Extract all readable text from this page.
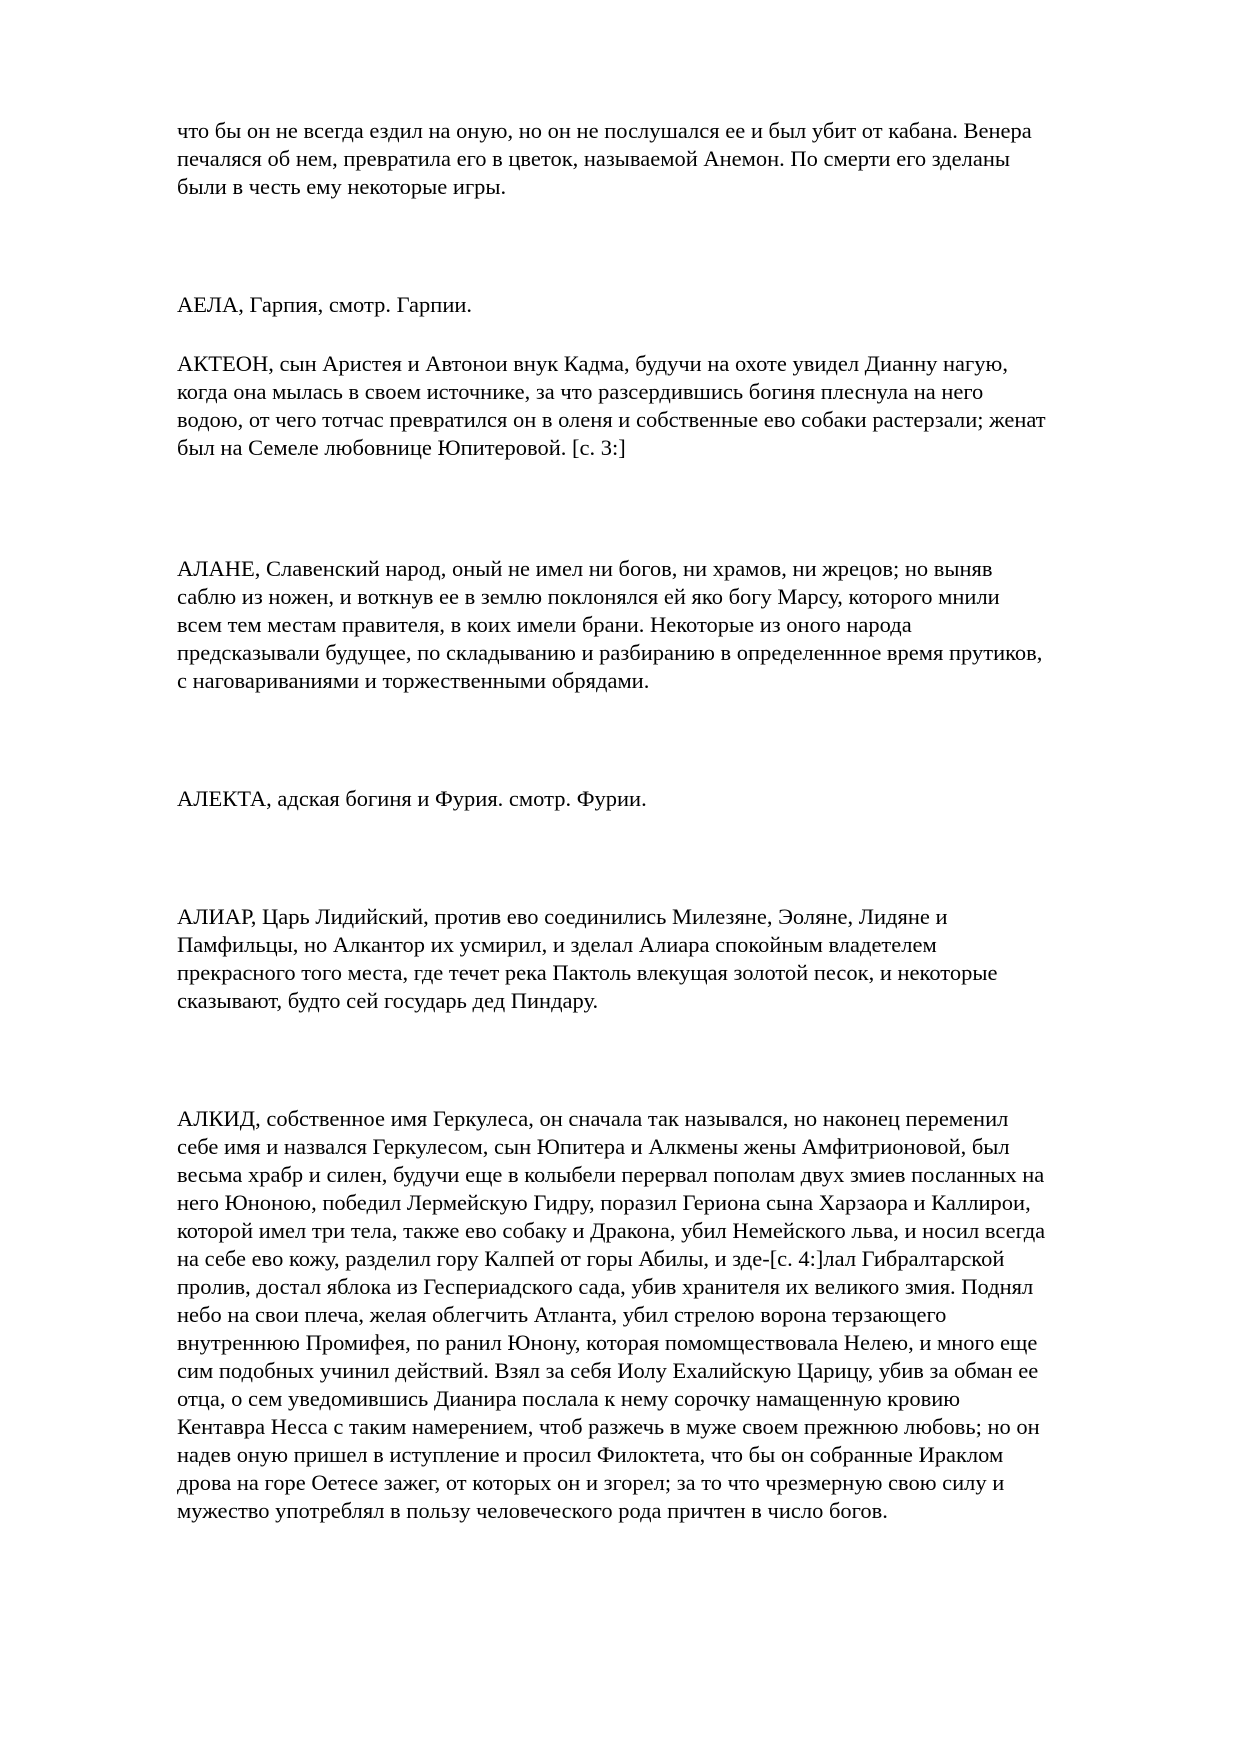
что бы он не всегда ездил на оную, но он не послушался ее и был убит от кабана. Венера

печаляся об нем, превратила его в цветок, называемой Анемон. По смерти его зделаны

были в честь ему некоторые игры.

АЕЛА, Гарпия, смотр. Гарпии.

АКТЕОН, сын Аристея и Автонои внук Кадма, будучи на охоте увидел Дианну нагую,

когда она мылась в своем источнике, за что разсердившись богиня плеснула на него

водою, от чего тотчас превратился он в оленя и собственные ево собаки растерзали; женат

был на Семеле любовнице Юпитеровой. [с. 3:]

АЛАНЕ, Славенский народ, оный не имел ни богов, ни храмов, ни жрецов; но выняв

саблю из ножен, и воткнув ее в землю поклонялся ей яко богу Марсу, которого мнили

всем тем местам правителя, в коих имели брани. Некоторые из оного народа

предсказывали будущее, по складыванию и разбиранию в определеннное время прутиков,

с наговариваниями и торжественными обрядами.

АЛЕКТА, адская богиня и Фурия. смотр. Фурии.

АЛИАР, Царь Лидийский, против ево соединились Милезяне, Эоляне, Лидяне и

Памфильцы, но Алкантор их усмирил, и зделал Алиара спокойным владетелем

прекрасного того места, где течет река Пактоль влекущая золотой песок, и некоторые

сказывают, будто сей государь дед Пиндару.

АЛКИД, собственное имя Геркулеса, он сначала так назывался, но наконец переменил

себе имя и назвался Геркулесом, сын Юпитера и Алкмены жены Амфитрионовой, был

весьма храбр и силен, будучи еще в колыбели перервал пополам двух змиев посланных на

него Юноною, победил Лермейскую Гидру, поразил Гериона сына Харзаора и Каллирои,

которой имел три тела, также ево собаку и Дракона, убил Немейского льва, и носил всегда

на себе ево кожу, разделил гору Калпей от горы Абилы, и зде-[с. 4:]лал Гибралтарской

пролив, достал яблока из Геспериадского сада, убив хранителя их великого змия. Поднял

небо на свои плеча, желая облегчить Атланта, убил стрелою ворона терзающего

внутреннюю Промифея, по ранил Юнону, которая помомществовала Нелею, и много еще

сим подобных учинил действий. Взял за себя Иолу Ехалийскую Царицу, убив за обман ее

отца, о сем уведомившись Дианира послала к нему сорочку намащенную кровию

Кентавра Несса с таким намерением, чтоб разжечь в муже своем прежнюю любовь; но он

надев оную пришел в иступление и просил Филоктета, что бы он собранные Ираклом

дрова на горе Оетесе зажег, от которых он и згорел; за то что чрезмерную свою силу и

мужество употреблял в пользу человеческого рода причтен в число богов.
